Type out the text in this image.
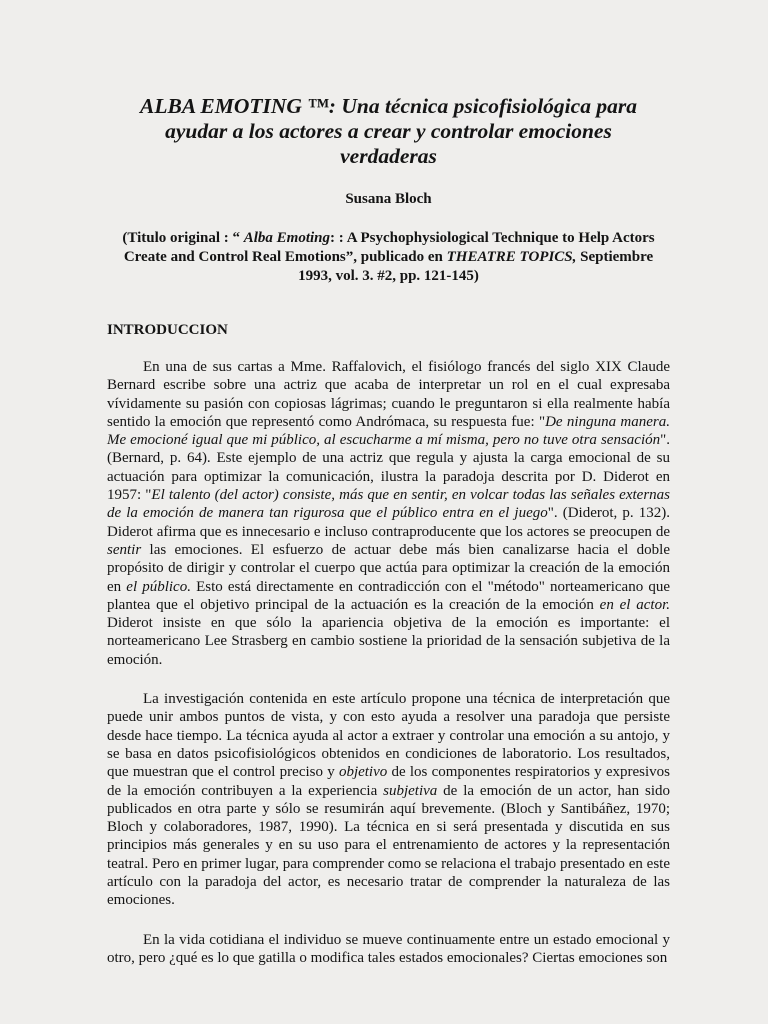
ALBA EMOTING ™: Una técnica psicofisiológica para ayudar a los actores a crear y controlar emociones verdaderas

Susana Bloch

(Titulo original : “ Alba Emoting: : A Psychophysiological Technique to Help Actors Create and Control Real Emotions”, publicado en THEATRE TOPICS, Septiembre 1993, vol. 3. #2, pp. 121-145)

INTRODUCCION

En una de sus cartas a Mme. Raffalovich, el fisiólogo francés del siglo XIX Claude Bernard escribe sobre una actriz que acaba de interpretar un rol en el cual expresaba vívidamente su pasión con copiosas lágrimas; cuando le preguntaron si ella realmente había sentido la emoción que representó como Andrómaca, su respuesta fue: "De ninguna manera. Me emocioné igual que mi público, al escucharme a mí misma, pero no tuve otra sensación". (Bernard, p. 64). Este ejemplo de una actriz que regula y ajusta la carga emocional de su actuación para optimizar la comunicación, ilustra la paradoja descrita por D. Diderot en 1957: "El talento (del actor) consiste, más que en sentir, en volcar todas las señales externas de la emoción de manera tan rigurosa que el público entra en el juego". (Diderot, p. 132). Diderot afirma que es innecesario e incluso contraproducente que los actores se preocupen de sentir las emociones. El esfuerzo de actuar debe más bien canalizarse hacia el doble propósito de dirigir y controlar el cuerpo que actúa para optimizar la creación de la emoción en el público. Esto está directamente en contradicción con el "método" norteamericano que plantea que el objetivo principal de la actuación es la creación de la emoción en el actor. Diderot insiste en que sólo la apariencia objetiva de la emoción es importante: el norteamericano Lee Strasberg en cambio sostiene la prioridad de la sensación subjetiva de la emoción.

La investigación contenida en este artículo propone una técnica de interpretación que puede unir ambos puntos de vista, y con esto ayuda a resolver una paradoja que persiste desde hace tiempo. La técnica ayuda al actor a extraer y controlar una emoción a su antojo, y se basa en datos psicofisiológicos obtenidos en condiciones de laboratorio. Los resultados, que muestran que el control preciso y objetivo de los componentes respiratorios y expresivos de la emoción contribuyen a la experiencia subjetiva de la emoción de un actor, han sido publicados en otra parte y sólo se resumirán aquí brevemente. (Bloch y Santibáñez, 1970; Bloch y colaboradores, 1987, 1990). La técnica en si será presentada y discutida en sus principios más generales y en su uso para el entrenamiento de actores y la representación teatral. Pero en primer lugar, para comprender como se relaciona el trabajo presentado en este artículo con la paradoja del actor, es necesario tratar de comprender la naturaleza de las emociones.

En la vida cotidiana el individuo se mueve continuamente entre un estado emocional y otro, pero ¿qué es lo que gatilla o modifica tales estados emocionales? Ciertas emociones son
